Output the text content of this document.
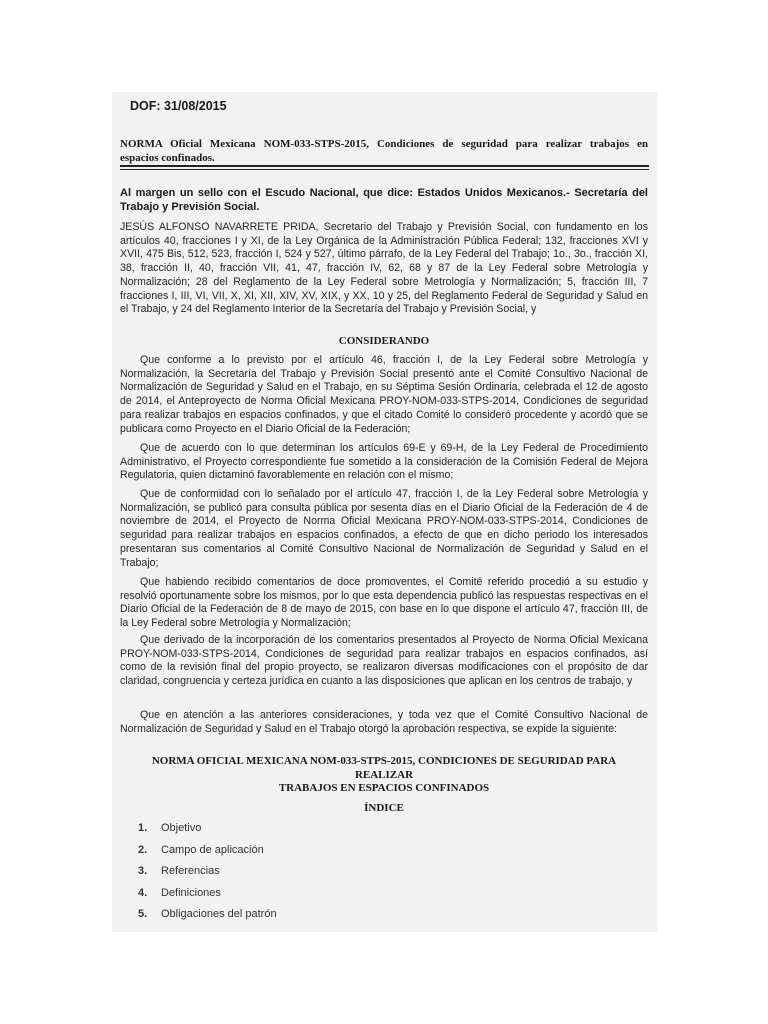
DOF: 31/08/2015
NORMA Oficial Mexicana NOM-033-STPS-2015, Condiciones de seguridad para realizar trabajos en
espacios confinados.

Al margen un sello con el Escudo Nacional, que dice: Estados Unidos Mexicanos.- Secretaría del Trabajo y Previsión Social.

JESÚS ALFONSO NAVARRETE PRIDA, Secretario del Trabajo y Previsión Social, con fundamento en los artículos 40, fracciones I y XI, de la Ley Orgánica de la Administración Pública Federal; 132, fracciones XVI y XVII, 475 Bis, 512, 523, fracción I, 524 y 527, último párrafo, de la Ley Federal del Trabajo; 1o., 3o., fracción XI, 38, fracción II, 40, fracción VII, 41, 47, fracción IV, 62, 68 y 87 de la Ley Federal sobre Metrología y Normalización; 28 del Reglamento de la Ley Federal sobre Metrología y Normalización; 5, fracción III, 7 fracciones I, III, VI, VII, X, XI, XII, XIV, XV, XIX, y XX, 10 y 25, del Reglamento Federal de Seguridad y Salud en el Trabajo, y 24 del Reglamento Interior de la Secretaría del Trabajo y Previsión Social, y

CONSIDERANDO

Que conforme a lo previsto por el artículo 46, fracción I, de la Ley Federal sobre Metrología y Normalización, la Secretaría del Trabajo y Previsión Social presentó ante el Comité Consultivo Nacional de Normalización de Seguridad y Salud en el Trabajo, en su Séptima Sesión Ordinaria, celebrada el 12 de agosto de 2014, el Anteproyecto de Norma Oficial Mexicana PROY-NOM-033-STPS-2014, Condiciones de seguridad para realizar trabajos en espacios confinados, y que el citado Comité lo consideró procedente y acordó que se publicara como Proyecto en el Diario Oficial de la Federación;

Que de acuerdo con lo que determinan los artículos 69-E y 69-H, de la Ley Federal de Procedimiento Administrativo, el Proyecto correspondiente fue sometido a la consideración de la Comisión Federal de Mejora Regulatoria, quien dictaminó favorablemente en relación con el mismo;

Que de conformidad con lo señalado por el artículo 47, fracción I, de la Ley Federal sobre Metrología y Normalización, se publicó para consulta pública por sesenta días en el Diario Oficial de la Federación de 4 de noviembre de 2014, el Proyecto de Norma Oficial Mexicana PROY-NOM-033-STPS-2014, Condiciones de seguridad para realizar trabajos en espacios confinados, a efecto de que en dicho periodo los interesados presentaran sus comentarios al Comité Consultivo Nacional de Normalización de Seguridad y Salud en el Trabajo;

Que habiendo recibido comentarios de doce promoventes, el Comité referido procedió a su estudio y resolvió oportunamente sobre los mismos, por lo que esta dependencia publicó las respuestas respectivas en el Diario Oficial de la Federación de 8 de mayo de 2015, con base en lo que dispone el artículo 47, fracción III, de la Ley Federal sobre Metrología y Normalización;

Que derivado de la incorporación de los comentarios presentados al Proyecto de Norma Oficial Mexicana PROY-NOM-033-STPS-2014, Condiciones de seguridad para realizar trabajos en espacios confinados, así como de la revisión final del propio proyecto, se realizaron diversas modificaciones con el propósito de dar claridad, congruencia y certeza jurídica en cuanto a las disposiciones que aplican en los centros de trabajo, y

Que en atención a las anteriores consideraciones, y toda vez que el Comité Consultivo Nacional de Normalización de Seguridad y Salud en el Trabajo otorgó la aprobación respectiva, se expide la siguiente:

NORMA OFICIAL MEXICANA NOM-033-STPS-2015, CONDICIONES DE SEGURIDAD PARA
REALIZAR
TRABAJOS EN ESPACIOS CONFINADOS

ÍNDICE

1.	Objetivo
2.	Campo de aplicación
3.	Referencias
4.	Definiciones
5.	Obligaciones del patrón
